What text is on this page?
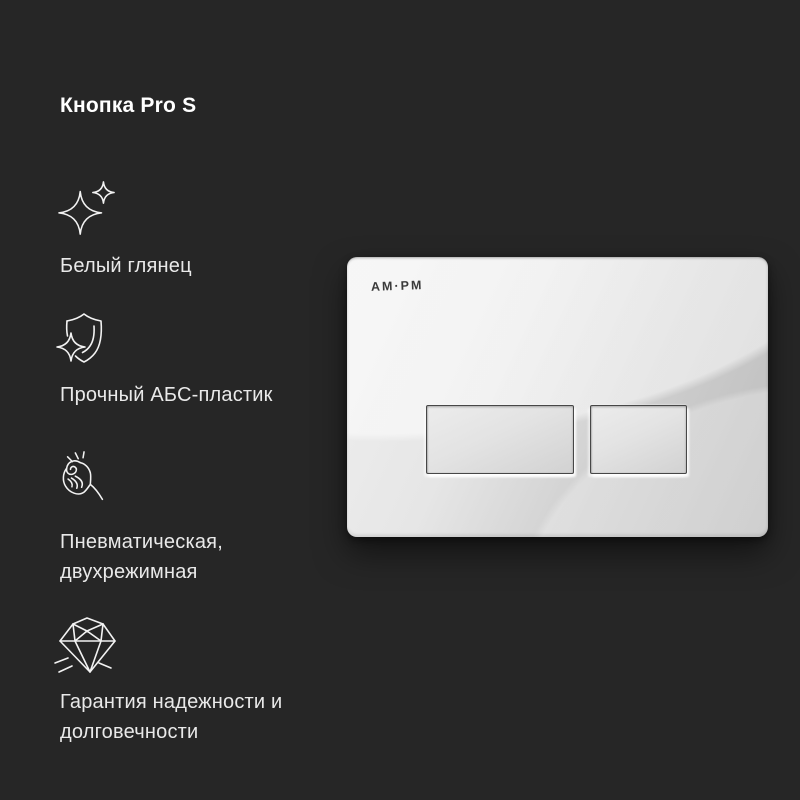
Кнопка Pro S
Белый глянец
Прочный АБС-пластик
Пневматическая,
двухрежимная
Гарантия надежности и
долговечности
AM·PM
